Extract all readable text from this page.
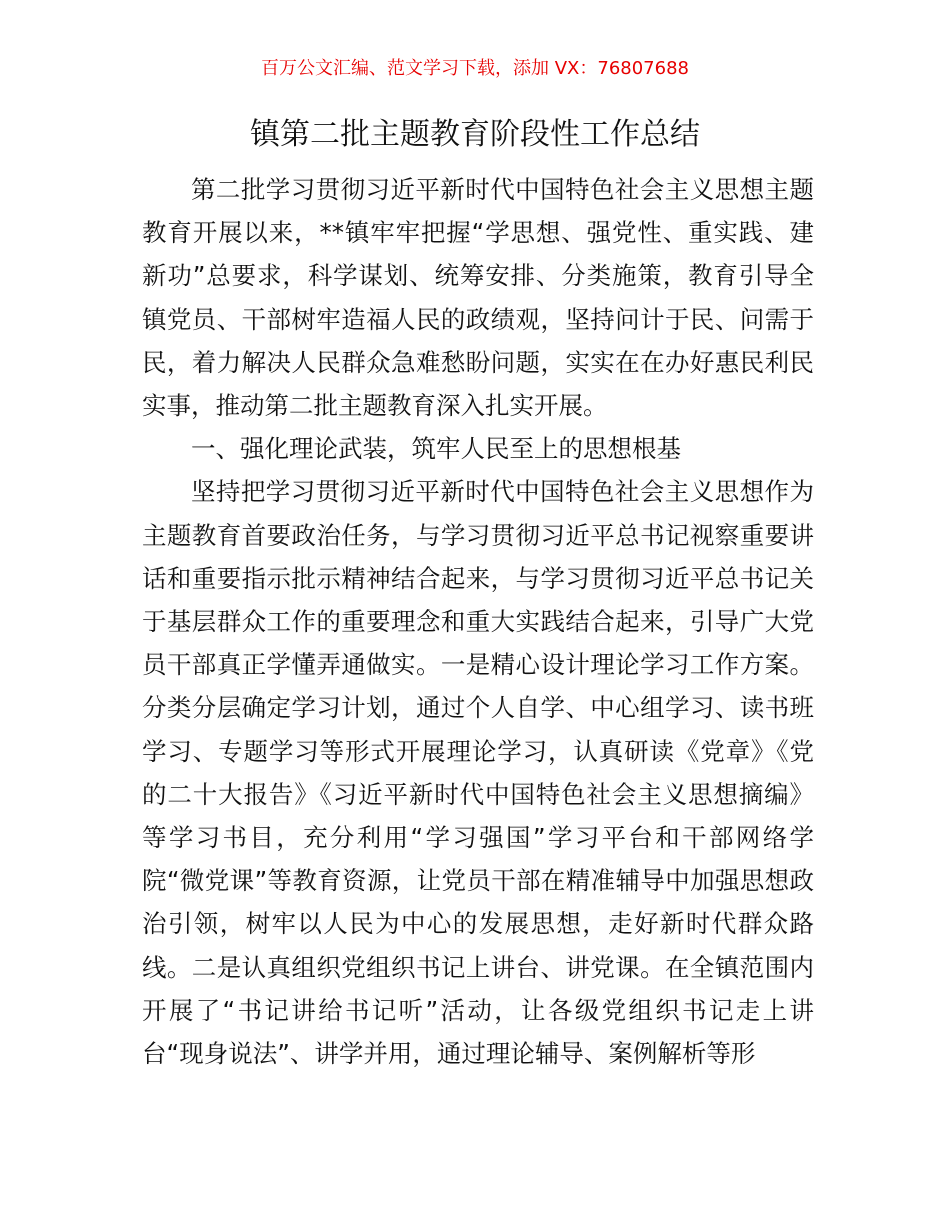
百万公文汇编、范文学习下载，添加 VX：76807688
镇第二批主题教育阶段性工作总结

第二批学习贯彻习近平新时代中国特色社会主义思想主题教育开展以来，**镇牢牢把握“学思想、强党性、重实践、建新功”总要求，科学谋划、统筹安排、分类施策，教育引导全镇党员、干部树牢造福人民的政绩观，坚持问计于民、问需于民，着力解决人民群众急难愁盼问题，实实在在办好惠民利民实事，推动第二批主题教育深入扎实开展。

一、强化理论武装，筑牢人民至上的思想根基

坚持把学习贯彻习近平新时代中国特色社会主义思想作为主题教育首要政治任务，与学习贯彻习近平总书记视察重要讲话和重要指示批示精神结合起来，与学习贯彻习近平总书记关于基层群众工作的重要理念和重大实践结合起来，引导广大党员干部真正学懂弄通做实。一是精心设计理论学习工作方案。分类分层确定学习计划，通过个人自学、中心组学习、读书班学习、专题学习等形式开展理论学习，认真研读《党章》《党的二十大报告》《习近平新时代中国特色社会主义思想摘编》等学习书目，充分利用“学习强国”学习平台和干部网络学院“微党课”等教育资源，让党员干部在精准辅导中加强思想政治引领，树牢以人民为中心的发展思想，走好新时代群众路线。二是认真组织党组织书记上讲台、讲党课。在全镇范围内开展了“书记讲给书记听”活动，让各级党组织书记走上讲台“现身说法”、讲学并用，通过理论辅导、案例解析等形
